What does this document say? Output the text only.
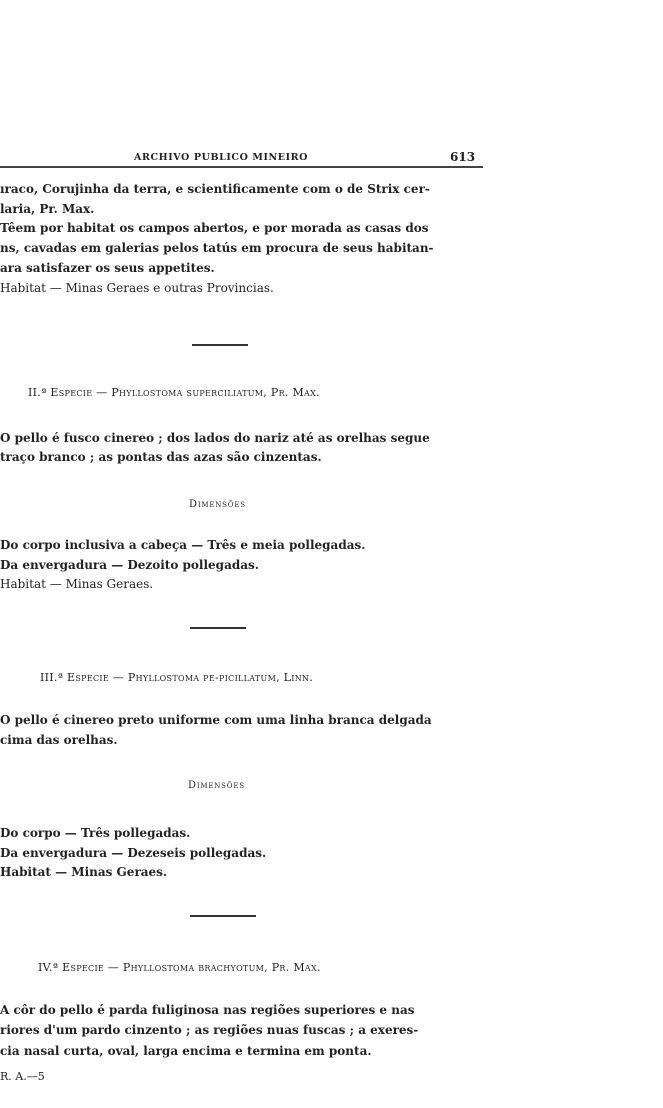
ARCHIVO PUBLICO MINEIRO	613
ıraco, Corujinha da terra, e scientificamente com o de Strix cer-
laria, Pr. Max.
Têem por habitat os campos abertos, e por morada as casas dos
ns, cavadas em galerias pelos tatús em procura de seus habitan-
ara satisfazer os seus appetites.
Habitat — Minas Geraes e outras Provincias.
II.ª Especie — Phyllostoma superciliatum, Pr. Max.
O pello é fusco cinereo ; dos lados do nariz até as orelhas segue
traço branco ; as pontas das azas são cinzentas.
Dimensões
Do corpo inclusiva a cabeça — Três e meia pollegadas.
Da envergadura — Dezoito pollegadas.
Habitat — Minas Geraes.
III.ª Especie — Phyllostoma pe-picillatum, Linn.
O pello é cinereo preto uniforme com uma linha branca delgada
cima das orelhas.
Dimensões
Do corpo — Três pollegadas.
Da envergadura — Dezeseis pollegadas.
Habitat — Minas Geraes.
IV.ª Especie — Phyllostoma brachyotum, Pr. Max.
A côr do pello é parda fuliginosa nas regiões superiores e nas
riores d'um pardo cinzento ; as regiões nuas fuscas ; a exeres-
cia nasal curta, oval, larga encima e termina em ponta.
R. A.—5
